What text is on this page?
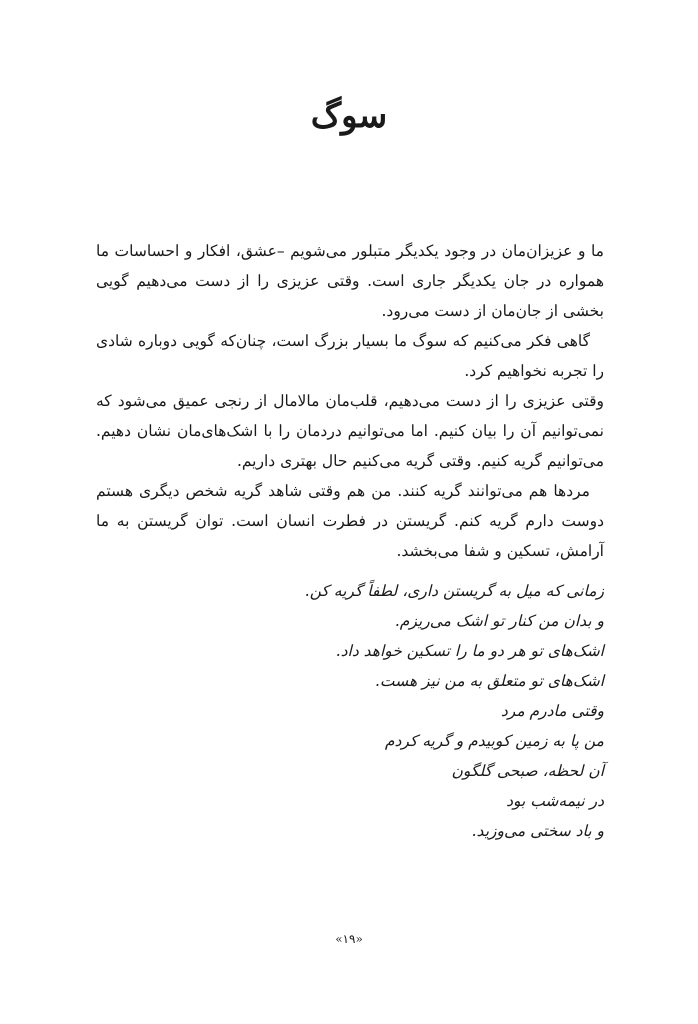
سوگ

ما و عزیزان‌مان در وجود یکدیگر متبلور می‌شویم –عشق، افکار و احساسات ما همواره در جان یکدیگر جاری است. وقتی عزیزی را از دست می‌دهیم گویی بخشی از جان‌مان از دست می‌رود.

گاهی فکر می‌کنیم که سوگ ما بسیار بزرگ است، چنان‌که گویی دوباره شادی را تجربه نخواهیم کرد.

وقتی عزیزی را از دست می‌دهیم، قلب‌مان مالامال از رنجی عمیق می‌شود که نمی‌توانیم آن را بیان کنیم. اما می‌توانیم دردمان را با اشک‌های‌مان نشان دهیم. می‌توانیم گریه کنیم. وقتی گریه می‌کنیم حال بهتری داریم.

مردها هم می‌توانند گریه کنند. من هم وقتی شاهد گریه شخص دیگری هستم دوست دارم گریه کنم. گریستن در فطرت انسان است. توان گریستن به ما آرامش، تسکین و شفا می‌بخشد.

زمانی که میل به گریستن داری، لطفاً گریه کن.

و بدان من کنار تو اشک می‌ریزم.

اشک‌های تو هر دو ما را تسکین خواهد داد.

اشک‌های تو متعلق به من نیز هست.

وقتی مادرم مرد

من پا به زمین کوبیدم و گریه کردم

آن لحظه، صبحی گلگون

در نیمه‌شب بود

و باد سختی می‌وزید.

«۱۹»
